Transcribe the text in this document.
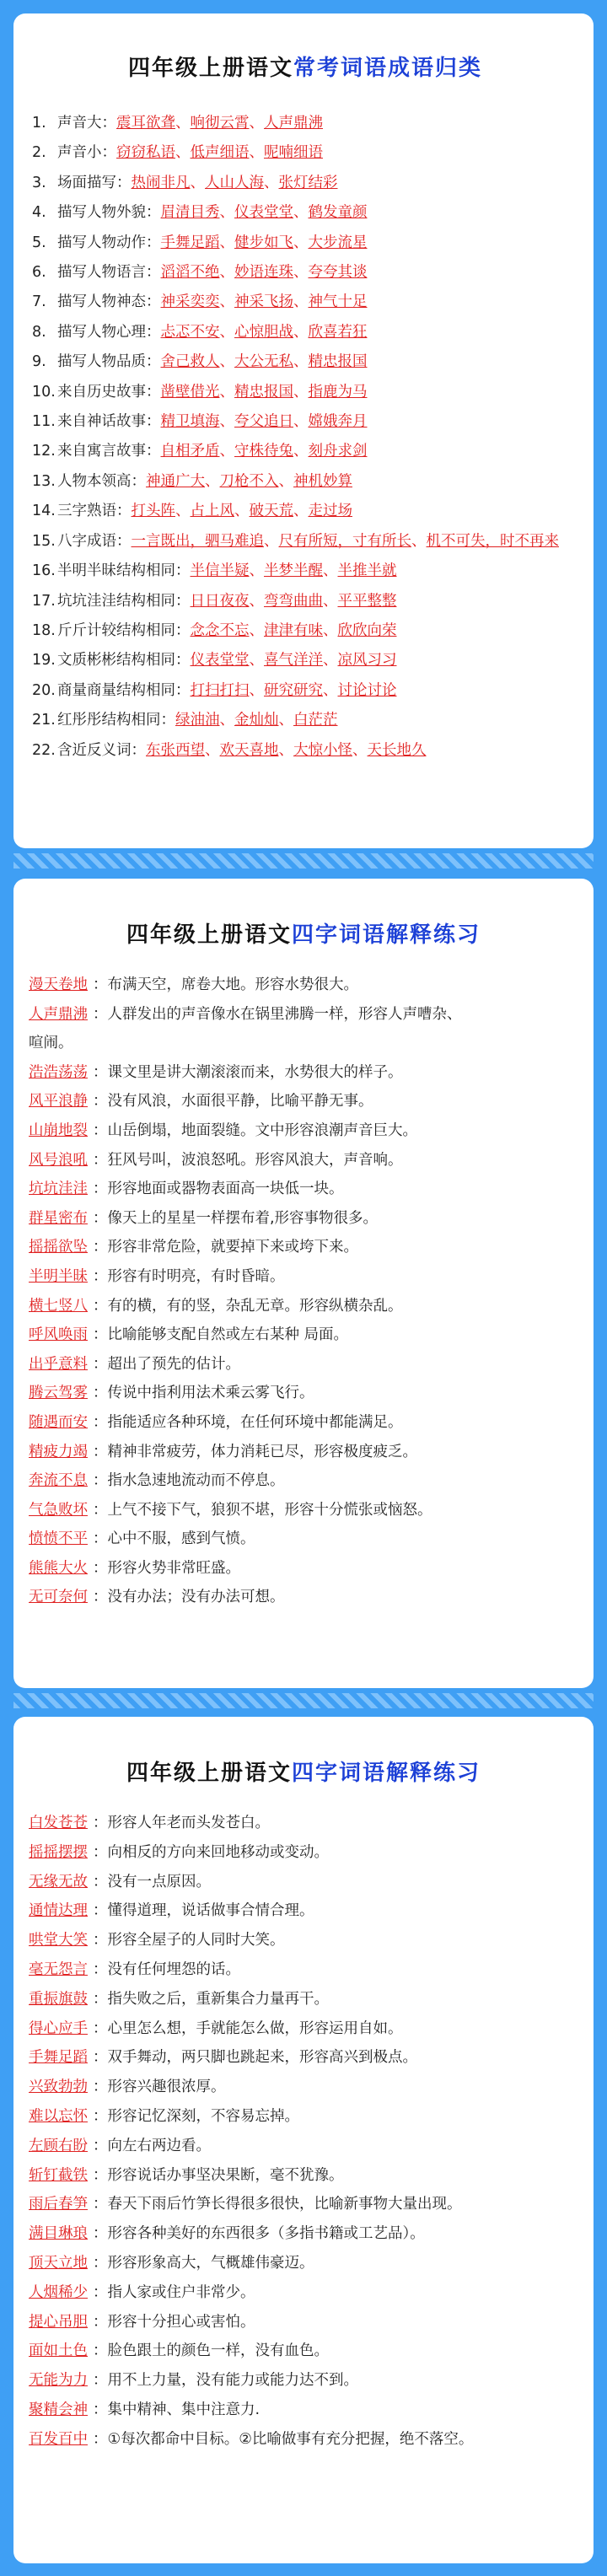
四年级上册语文常考词语成语归类
1. 声音大：震耳欲聋、响彻云霄、人声鼎沸
2. 声音小：窃窃私语、低声细语、呢喃细语
3. 场面描写：热闹非凡、人山人海、张灯结彩
4. 描写人物外貌：眉清目秀、仪表堂堂、鹤发童颜
5. 描写人物动作：手舞足蹈、健步如飞、大步流星
6. 描写人物语言：滔滔不绝、妙语连珠、夸夸其谈
7. 描写人物神态：神采奕奕、神采飞扬、神气十足
8. 描写人物心理：忐忑不安、心惊胆战、欣喜若狂
9. 描写人物品质：舍己救人、大公无私、精忠报国
10. 来自历史故事：凿壁借光、精忠报国、指鹿为马
11. 来自神话故事：精卫填海、夸父追日、嫦娥奔月
12. 来自寓言故事：自相矛盾、守株待兔、刻舟求剑
13. 人物本领高：神通广大、刀枪不入、神机妙算
14. 三字熟语：打头阵、占上风、破天荒、走过场
15. 八字成语：一言既出，驷马难追、尺有所短，寸有所长、机不可失，时不再来
16. 半明半昧结构相同：半信半疑、半梦半醒、半推半就
17. 坑坑洼洼结构相同：日日夜夜、弯弯曲曲、平平整整
18. 斤斤计较结构相同：念念不忘、津津有味、欣欣向荣
19. 文质彬彬结构相同：仪表堂堂、喜气洋洋、凉风习习
20. 商量商量结构相同：打扫打扫、研究研究、讨论讨论
21. 红彤彤结构相同：绿油油、金灿灿、白茫茫
22. 含近反义词：东张西望、欢天喜地、大惊小怪、天长地久
四年级上册语文四字词语解释练习
漫天卷地 ：布满天空，席卷大地。形容水势很大。
人声鼎沸 ：人群发出的声音像水在锅里沸腾一样，形容人声嘈杂、
喧闹。
浩浩荡荡 ：课文里是讲大潮滚滚而来，水势很大的样子。
风平浪静 ：没有风浪，水面很平静，比喻平静无事。
山崩地裂 ：山岳倒塌，地面裂缝。文中形容浪潮声音巨大。
风号浪吼 ：狂风号叫，波浪怒吼。形容风浪大，声音响。
坑坑洼洼 ：形容地面或器物表面高一块低一块。
群星密布 ：像天上的星星一样摆布着,形容事物很多。
摇摇欲坠 ：形容非常危险，就要掉下来或垮下来。
半明半昧 ：形容有时明亮，有时昏暗。
横七竖八 ：有的横，有的竖，杂乱无章。形容纵横杂乱。
呼风唤雨 ：比喻能够支配自然或左右某种 局面。
出乎意料 ：超出了预先的估计。
腾云驾雾 ：传说中指利用法术乘云雾飞行。
随遇而安 ：指能适应各种环境，在任何环境中都能满足。
精疲力竭 ：精神非常疲劳，体力消耗已尽，形容极度疲乏。
奔流不息 ：指水急速地流动而不停息。
气急败坏 ：上气不接下气，狼狈不堪，形容十分慌张或恼怒。
愤愤不平 ：心中不服，感到气愤。
熊熊大火 ：形容火势非常旺盛。
无可奈何 ：没有办法；没有办法可想。
四年级上册语文四字词语解释练习
白发苍苍 ：形容人年老而头发苍白。
摇摇摆摆 ：向相反的方向来回地移动或变动。
无缘无故 ：没有一点原因。
通情达理 ：懂得道理，说话做事合情合理。
哄堂大笑 ：形容全屋子的人同时大笑。
毫无怨言 ：没有任何埋怨的话。
重振旗鼓 ：指失败之后，重新集合力量再干。
得心应手 ：心里怎么想，手就能怎么做，形容运用自如。
手舞足蹈 ：双手舞动，两只脚也跳起来，形容高兴到极点。
兴致勃勃 ：形容兴趣很浓厚。
难以忘怀 ：形容记忆深刻，不容易忘掉。
左顾右盼 ：向左右两边看。
斩钉截铁 ：形容说话办事坚决果断，毫不犹豫。
雨后春笋 ：春天下雨后竹笋长得很多很快，比喻新事物大量出现。
满目琳琅 ：形容各种美好的东西很多（多指书籍或工艺品）。
顶天立地 ：形容形象高大，气概雄伟豪迈。
人烟稀少 ：指人家或住户非常少。
提心吊胆 ：形容十分担心或害怕。
面如土色 ：脸色跟土的颜色一样，没有血色。
无能为力 ：用不上力量，没有能力或能力达不到。
聚精会神 ：集中精神、集中注意力.
百发百中 ：①每次都命中目标。②比喻做事有充分把握，绝不落空。
